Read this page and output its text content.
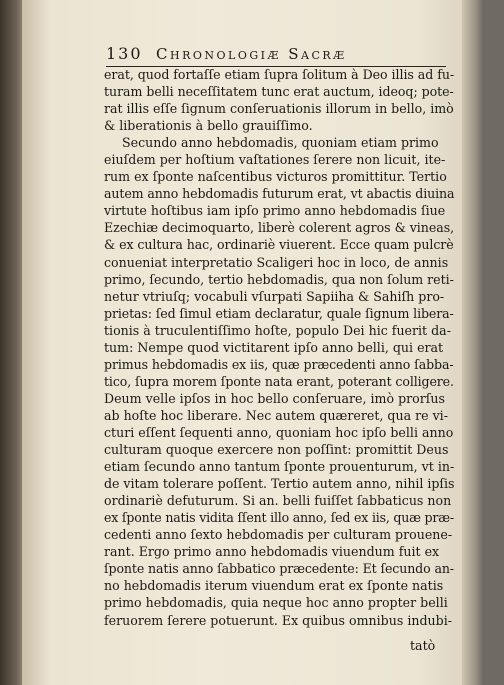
130 Chronologiæ Sacræ
erat, quod fortaſſe etiam ſupra ſolitum à Deo illis ad fu-
turam belli neceſſitatem tunc erat auctum, ideoq; pote-
rat illis eſſe ſignum conſeruationis illorum in bello, imò
& liberationis à bello grauiſſimo.
Secundo anno hebdomadis, quoniam etiam primo
eiuſdem per hoſtium vaſtationes ſerere non licuit, ite-
rum ex ſponte naſcentibus victuros promittitur. Tertio
autem anno hebdomadis futurum erat, vt abactis diuina
virtute hoſtibus iam ipſo primo anno hebdomadis ſiue
Ezechiæ decimoquarto, liberè colerent agros & vineas,
& ex cultura hac, ordinariè viuerent. Ecce quam pulcrè
conueniat interpretatio Scaligeri hoc in loco, de annis
primo, ſecundo, tertio hebdomadis, qua non ſolum reti-
netur vtriuſq; vocabuli vſurpati Sapiiha & Sahiſh pro-
prietas: ſed ſimul etiam declaratur, quale ſignum libera-
tionis à truculentiſſimo hoſte, populo Dei hic fuerit da-
tum: Nempe quod victitarent ipſo anno belli, qui erat
primus hebdomadis ex iis, quæ præcedenti anno ſabba-
tico, ſupra morem ſponte nata erant, poterant colligere.
Deum velle ipſos in hoc bello conſeruare, imò prorſus
ab hoſte hoc liberare. Nec autem quæreret, qua re vi-
cturi eſſent ſequenti anno, quoniam hoc ipſo belli anno
culturam quoque exercere non poſſint: promittit Deus
etiam ſecundo anno tantum ſponte prouenturum, vt in-
de vitam tolerare poſſent. Tertio autem anno, nihil ipſis
ordinariè defuturum. Si an. belli fuiſſet ſabbaticus non
ex ſponte natis vidita ſſent illo anno, ſed ex iis, quæ præ-
cedenti anno ſexto hebdomadis per culturam prouene-
rant. Ergo primo anno hebdomadis viuendum fuit ex
ſponte natis anno ſabbatico præcedente: Et ſecundo an-
no hebdomadis iterum viuendum erat ex ſponte natis
primo hebdomadis, quia neque hoc anno propter belli
feruorem ſerere potuerunt. Ex quibus omnibus indubi-
tatò
